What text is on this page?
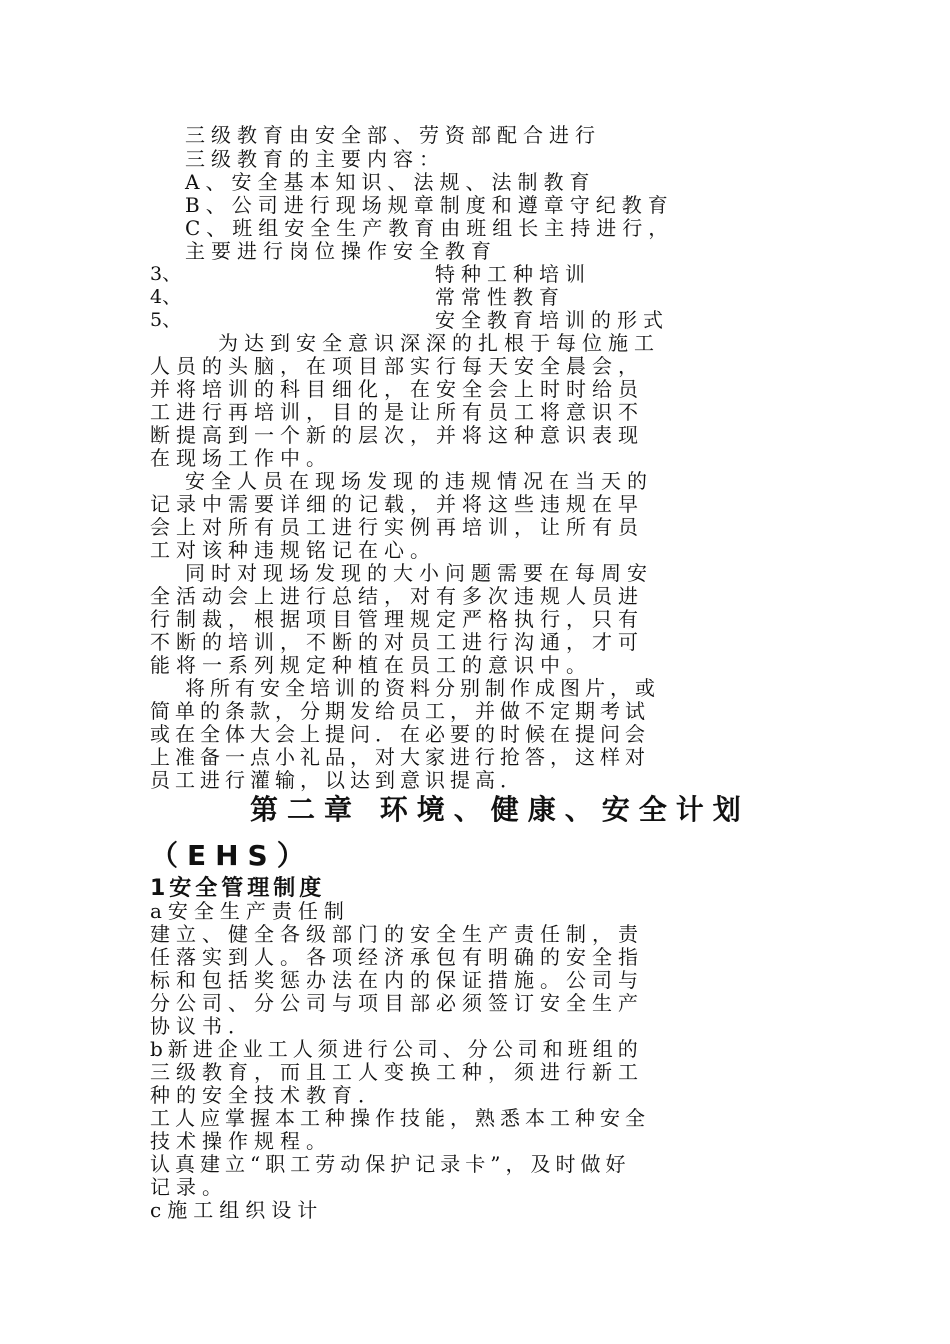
三级教育由安全部、劳资部配合进行
三级教育的主要内容：
A、安全基本知识、法规、法制教育
B、公司进行现场规章制度和遵章守纪教育
C、班组安全生产教育由班组长主持进行，
主要进行岗位操作安全教育
3、	特种工种培训
4、	常常性教育
5、	安全教育培训的形式
为达到安全意识深深的扎根于每位施工
人员的头脑，在项目部实行每天安全晨会，
并将培训的科目细化，在安全会上时时给员
工进行再培训，目的是让所有员工将意识不
断提高到一个新的层次，并将这种意识表现
在现场工作中。
安全人员在现场发现的违规情况在当天的
记录中需要详细的记载，并将这些违规在早
会上对所有员工进行实例再培训，让所有员
工对该种违规铭记在心。
同时对现场发现的大小问题需要在每周安
全活动会上进行总结，对有多次违规人员进
行制裁，根据项目管理规定严格执行，只有
不断的培训，不断的对员工进行沟通，才可
能将一系列规定种植在员工的意识中。
将所有安全培训的资料分别制作成图片，或
简单的条款，分期发给员工，并做不定期考试
或在全体大会上提问．在必要的时候在提问会
上准备一点小礼品，对大家进行抢答，这样对
员工进行灌输，以达到意识提高．
第二章 环境、健康、安全计划
（EHS）
1安全管理制度
a安全生产责任制
建立、健全各级部门的安全生产责任制，责
任落实到人。各项经济承包有明确的安全指
标和包括奖惩办法在内的保证措施。公司与
分公司、分公司与项目部必须签订安全生产
协议书．
b新进企业工人须进行公司、分公司和班组的
三级教育，而且工人变换工种，须进行新工
种的安全技术教育．
工人应掌握本工种操作技能，熟悉本工种安全
技术操作规程。
认真建立“职工劳动保护记录卡”，及时做好
记录。
c施工组织设计
